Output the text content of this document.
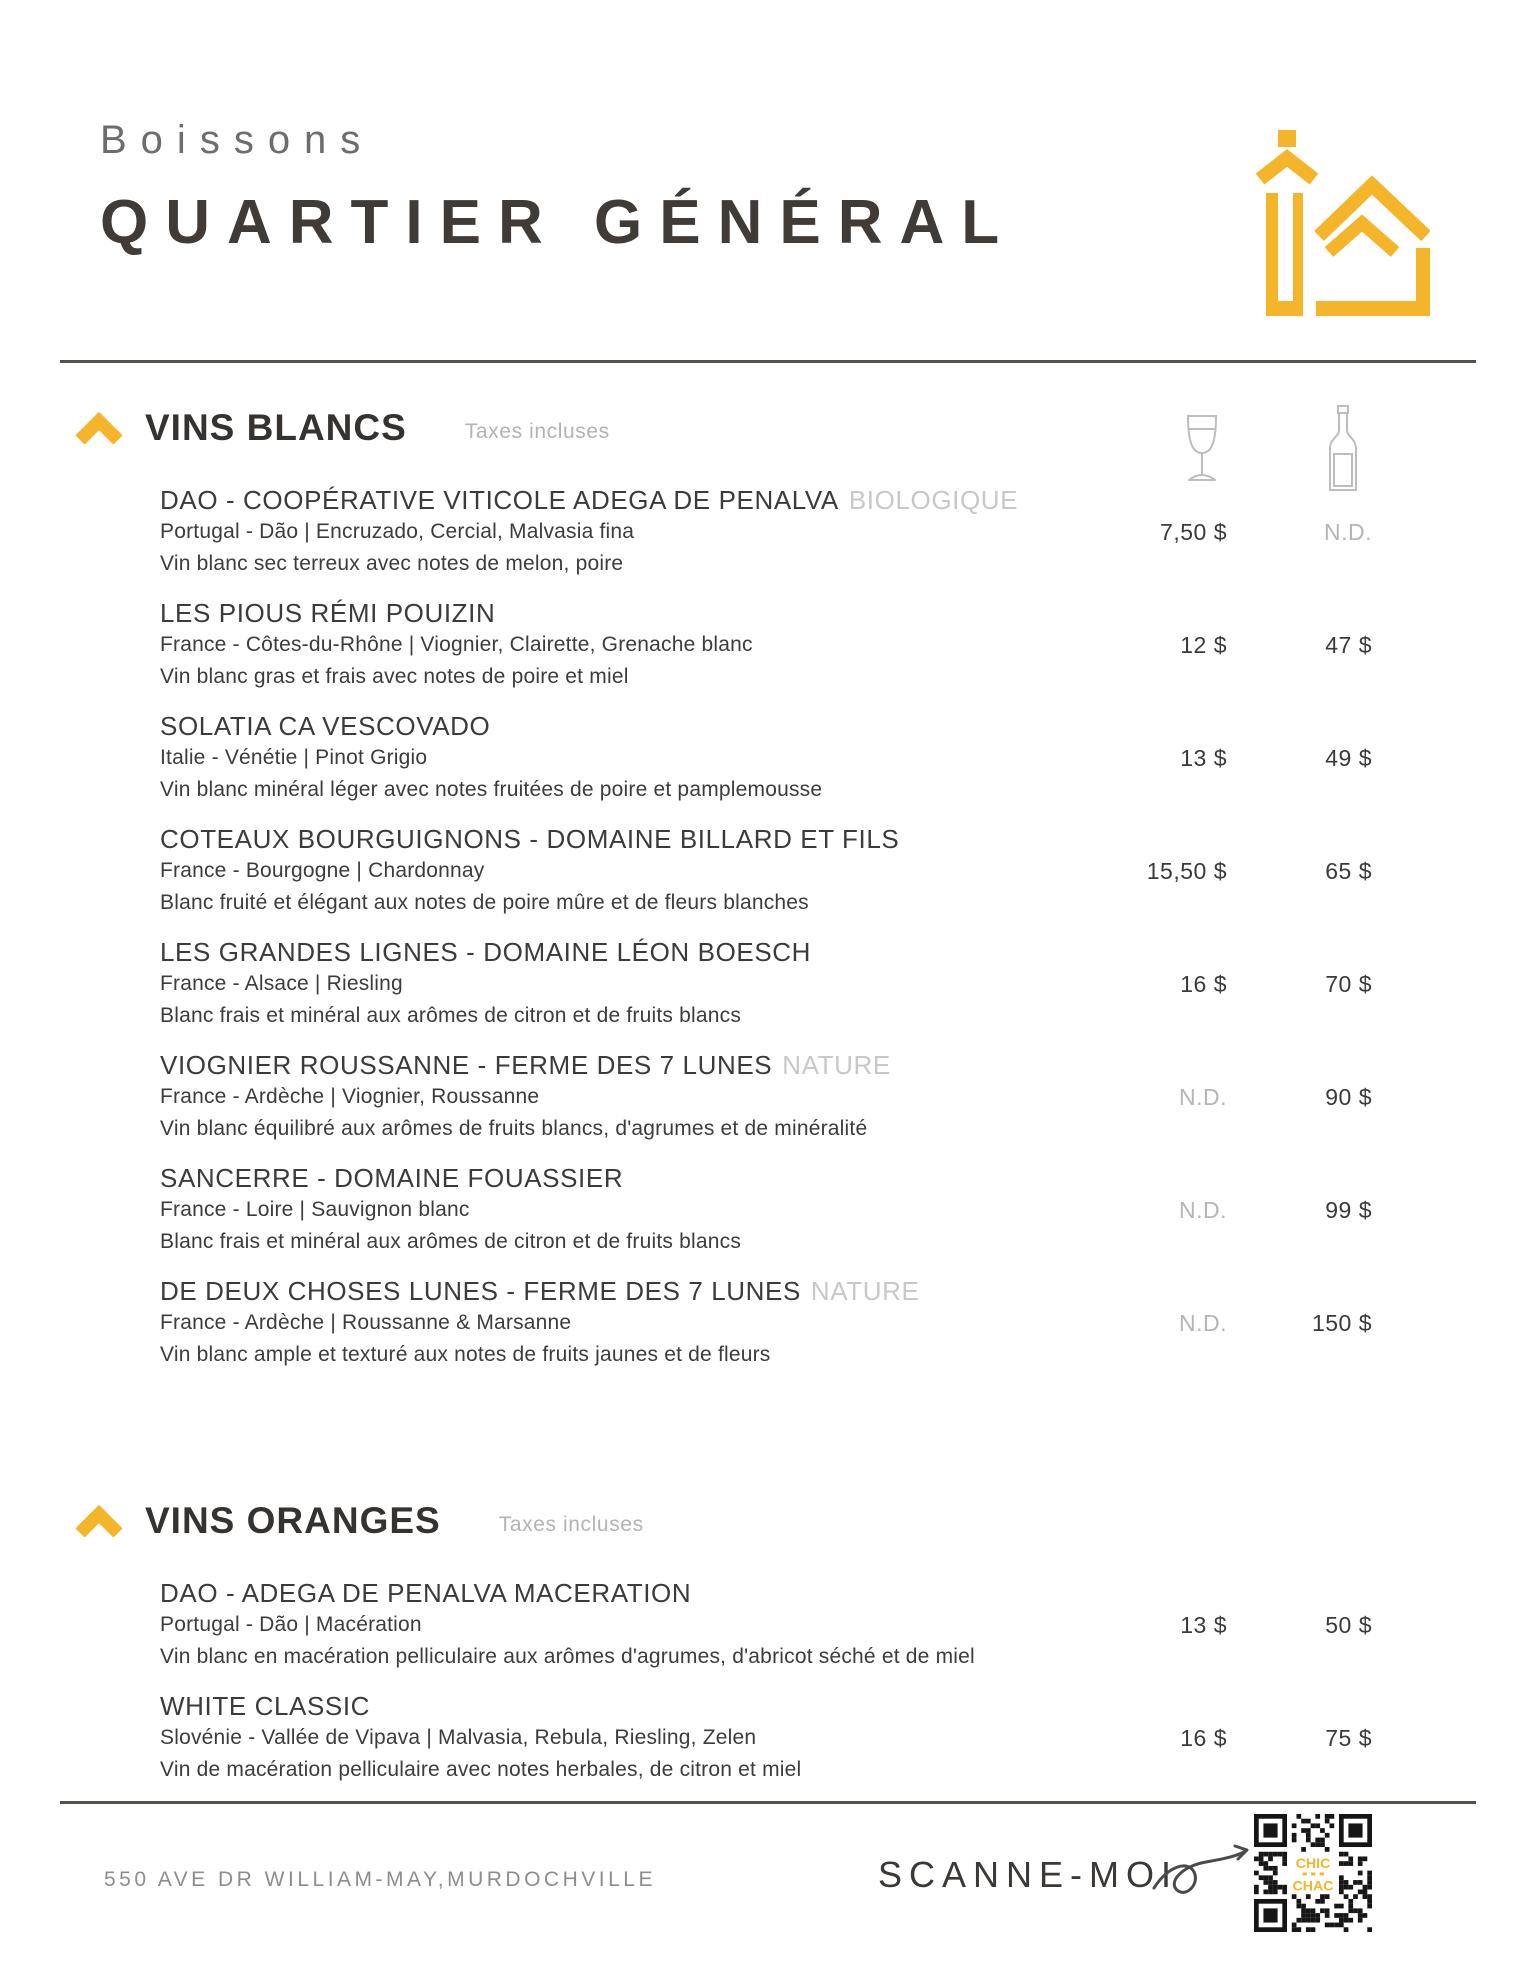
Boissons
QUARTIER GÉNÉRAL
VINS BLANCS	Taxes incluses
DAO - COOPÉRATIVE VITICOLE ADEGA DE PENALVA BIOLOGIQUE
Portugal - Dão | Encruzado, Cercial, Malvasia fina
Vin blanc sec terreux avec notes de melon, poire
7,50 $	N.D.
LES PIOUS RÉMI POUIZIN
France - Côtes-du-Rhône | Viognier, Clairette, Grenache blanc
Vin blanc gras et frais avec notes de poire et miel
12 $	47 $
SOLATIA CA VESCOVADO
Italie - Vénétie | Pinot Grigio
Vin blanc minéral léger avec notes fruitées de poire et pamplemousse
13 $	49 $
COTEAUX BOURGUIGNONS - DOMAINE BILLARD ET FILS
France - Bourgogne | Chardonnay
Blanc fruité et élégant aux notes de poire mûre et de fleurs blanches
15,50 $	65 $
LES GRANDES LIGNES - DOMAINE LÉON BOESCH
France - Alsace | Riesling
Blanc frais et minéral aux arômes de citron et de fruits blancs
16 $	70 $
VIOGNIER ROUSSANNE - FERME DES 7 LUNES NATURE
France - Ardèche | Viognier, Roussanne
Vin blanc équilibré aux arômes de fruits blancs, d'agrumes et de minéralité
N.D.	90 $
SANCERRE - DOMAINE FOUASSIER
France - Loire | Sauvignon blanc
Blanc frais et minéral aux arômes de citron et de fruits blancs
N.D.	99 $
DE DEUX CHOSES LUNES - FERME DES 7 LUNES NATURE
France - Ardèche | Roussanne & Marsanne
Vin blanc ample et texturé aux notes de fruits jaunes et de fleurs
N.D.	150 $
VINS ORANGES	Taxes incluses
DAO - ADEGA DE PENALVA MACERATION
Portugal - Dão | Macération
Vin blanc en macération pelliculaire aux arômes d'agrumes, d'abricot séché et de miel
13 $	50 $
WHITE CLASSIC
Slovénie - Vallée de Vipava | Malvasia, Rebula, Riesling, Zelen
Vin de macération pelliculaire avec notes herbales, de citron et miel
16 $	75 $
550 AVE DR WILLIAM-MAY,MURDOCHVILLE	SCANNE-MOI	CHIC
CHAC
